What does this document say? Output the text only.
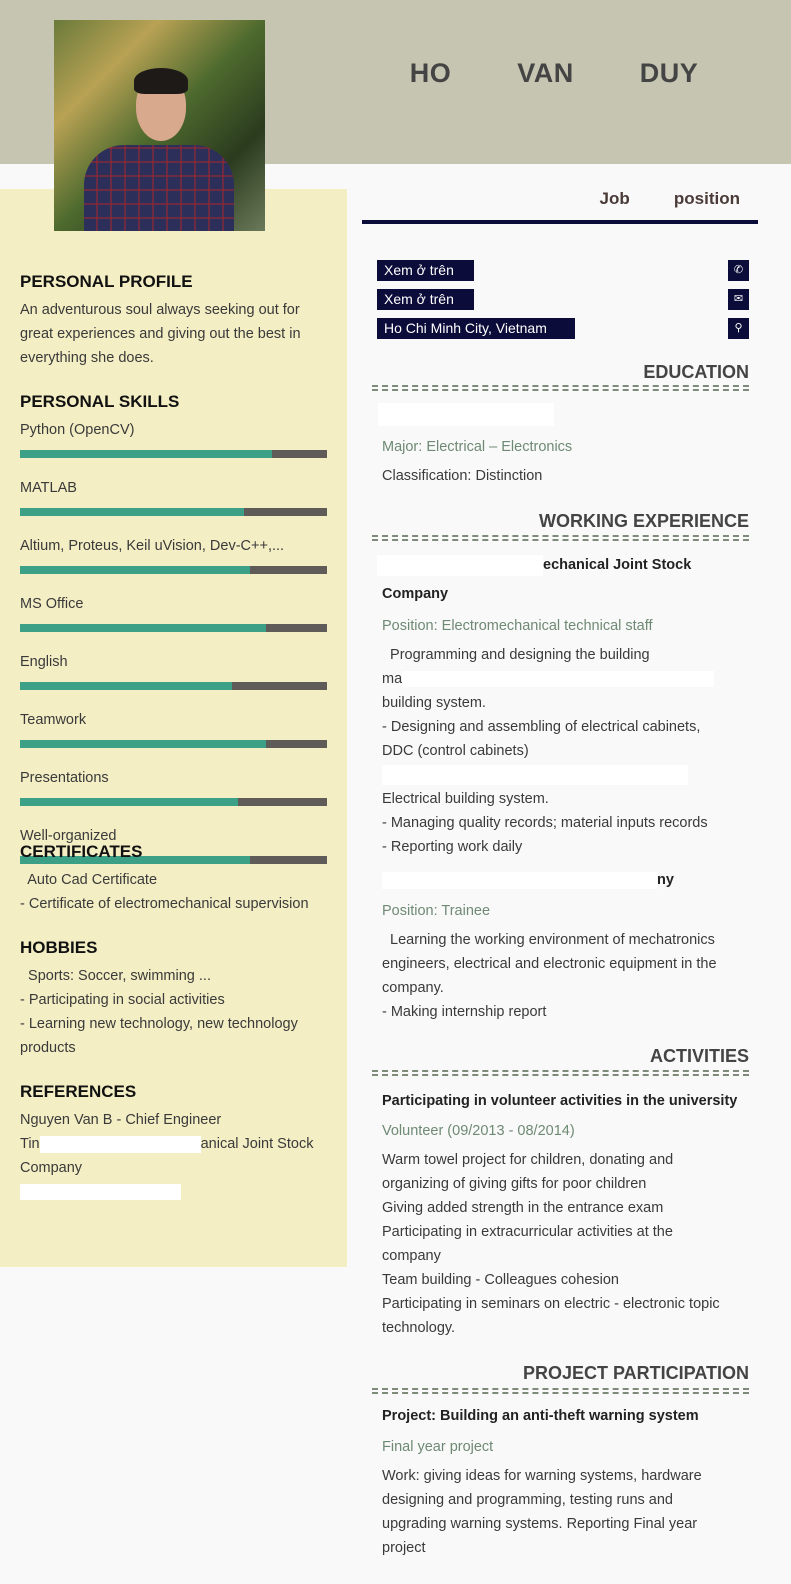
HO   VAN   DUY
PERSONAL PROFILE

An adventurous soul always seeking out for great experiences and giving out the best in everything she does.

PERSONAL SKILLS
Python (OpenCV)
MATLAB
Altium, Proteus, Keil uVision, Dev-C++,...
MS Office
English
Teamwork
Presentations
Well-organized
CERTIFICATES
Auto Cad Certificate
- Certificate of electromechanical supervision
HOBBIES
Sports: Soccer, swimming ...
- Participating in social activities
- Learning new technology, new technology products
REFERENCES

Nguyen Van B - Chief Engineer

Tin	anical Joint Stock

Company

Job   position
Xem ở trên	✆
Xem ở trên	✉
Ho Chi Minh City, Vietnam	⚲
EDUCATION
Major: Electrical – Electronics
Classification: Distinction
WORKING EXPERIENCE
echanical Joint Stock
Company
Position: Electromechanical technical staff
Programming and designing the building
ma
building system.
- Designing and assembling of electrical cabinets,
DDC (control cabinets)
Electrical building system.
- Managing quality records; material inputs records
- Reporting work daily
ny
Position: Trainee
Learning the working environment of mechatronics
engineers, electrical and electronic equipment in the
company.
- Making internship report
ACTIVITIES
Participating in volunteer activities in the university
Volunteer (09/2013 - 08/2014)
Warm towel project for children, donating and
organizing of giving gifts for poor children
Giving added strength in the entrance exam
Participating in extracurricular activities at the
company
Team building - Colleagues cohesion
Participating in seminars on electric - electronic topic
technology.
PROJECT PARTICIPATION
Project: Building an anti-theft warning system
Final year project
Work: giving ideas for warning systems, hardware
designing and programming, testing runs and
upgrading warning systems. Reporting Final year
project
